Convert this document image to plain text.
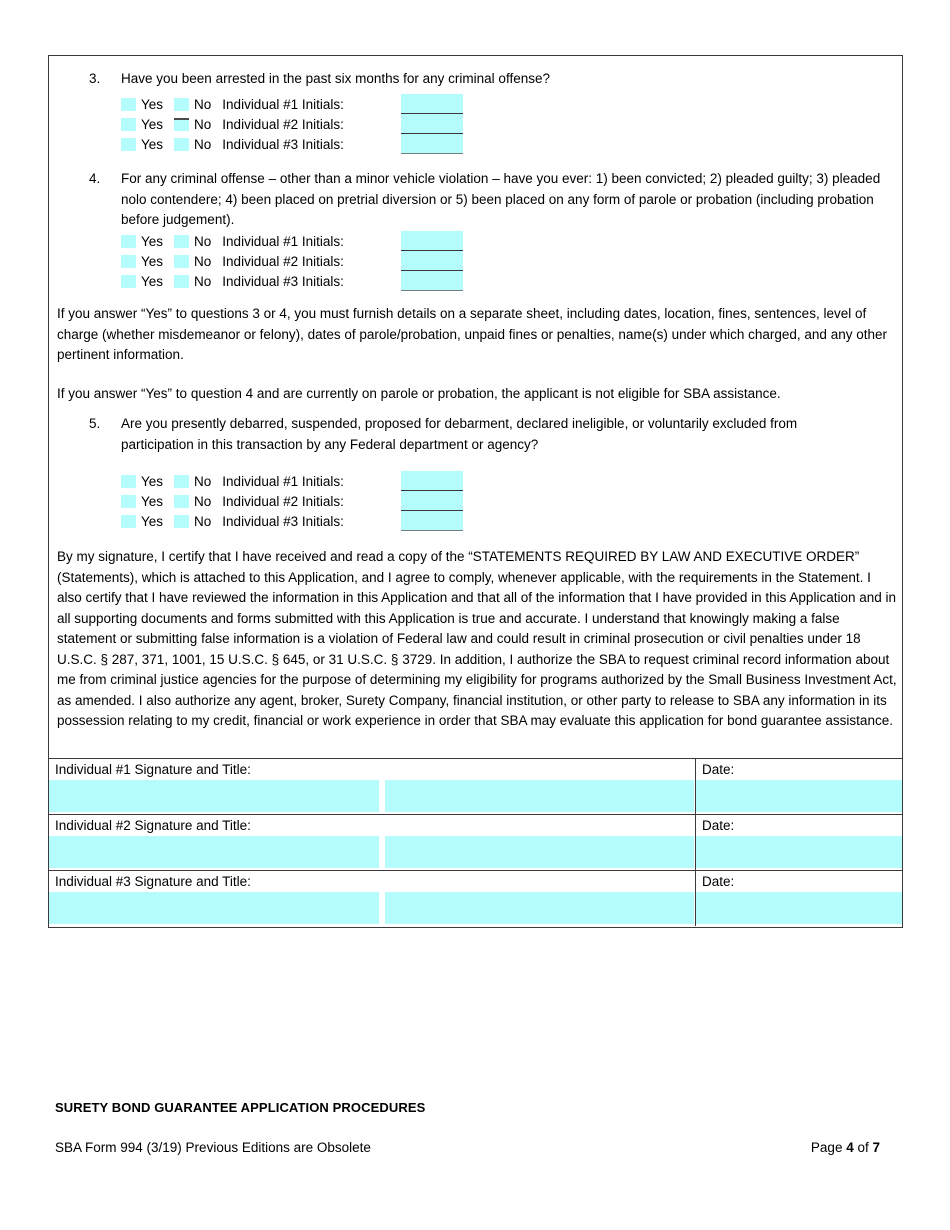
3.	Have you been arrested in the past six months for any criminal offense?
Yes	No Individual #1 Initials:
Yes	No Individual #2 Initials:
Yes	No Individual #3 Initials:
4.	For any criminal offense – other than a minor vehicle violation – have you ever: 1) been convicted; 2) pleaded guilty; 3) pleaded nolo contendere; 4) been placed on pretrial diversion or 5) been placed on any form of parole or probation (including probation before judgement).
Yes	No Individual #1 Initials:
Yes	No Individual #2 Initials:
Yes	No Individual #3 Initials:
If you answer “Yes” to questions 3 or 4, you must furnish details on a separate sheet, including dates, location, fines, sentences, level of charge (whether misdemeanor or felony), dates of parole/probation, unpaid fines or penalties, name(s) under which charged, and any other pertinent information.
If you answer “Yes” to question 4 and are currently on parole or probation, the applicant is not eligible for SBA assistance.
5.	Are you presently debarred, suspended, proposed for debarment, declared ineligible, or voluntarily excluded from participation in this transaction by any Federal department or agency?
Yes	No Individual #1 Initials:
Yes	No Individual #2 Initials:
Yes	No Individual #3 Initials:
By my signature, I certify that I have received and read a copy of the “STATEMENTS REQUIRED BY LAW AND EXECUTIVE ORDER” (Statements), which is attached to this Application, and I agree to comply, whenever applicable, with the requirements in the Statement. I also certify that I have reviewed the information in this Application and that all of the information that I have provided in this Application and in all supporting documents and forms submitted with this Application is true and accurate. I understand that knowingly making a false statement or submitting false information is a violation of Federal law and could result in criminal prosecution or civil penalties under 18 U.S.C. § 287, 371, 1001, 15 U.S.C. § 645, or 31 U.S.C. § 3729. In addition, I authorize the SBA to request criminal record information about me from criminal justice agencies for the purpose of determining my eligibility for programs authorized by the Small Business Investment Act, as amended. I also authorize any agent, broker, Surety Company, financial institution, or other party to release to SBA any information in its possession relating to my credit, financial or work experience in order that SBA may evaluate this application for bond guarantee assistance.
Individual #1 Signature and Title:	Date:
Individual #2 Signature and Title:	Date:
Individual #3 Signature and Title:	Date:
SURETY BOND GUARANTEE APPLICATION PROCEDURES
SBA Form 994 (3/19) Previous Editions are Obsolete	Page 4 of 7
